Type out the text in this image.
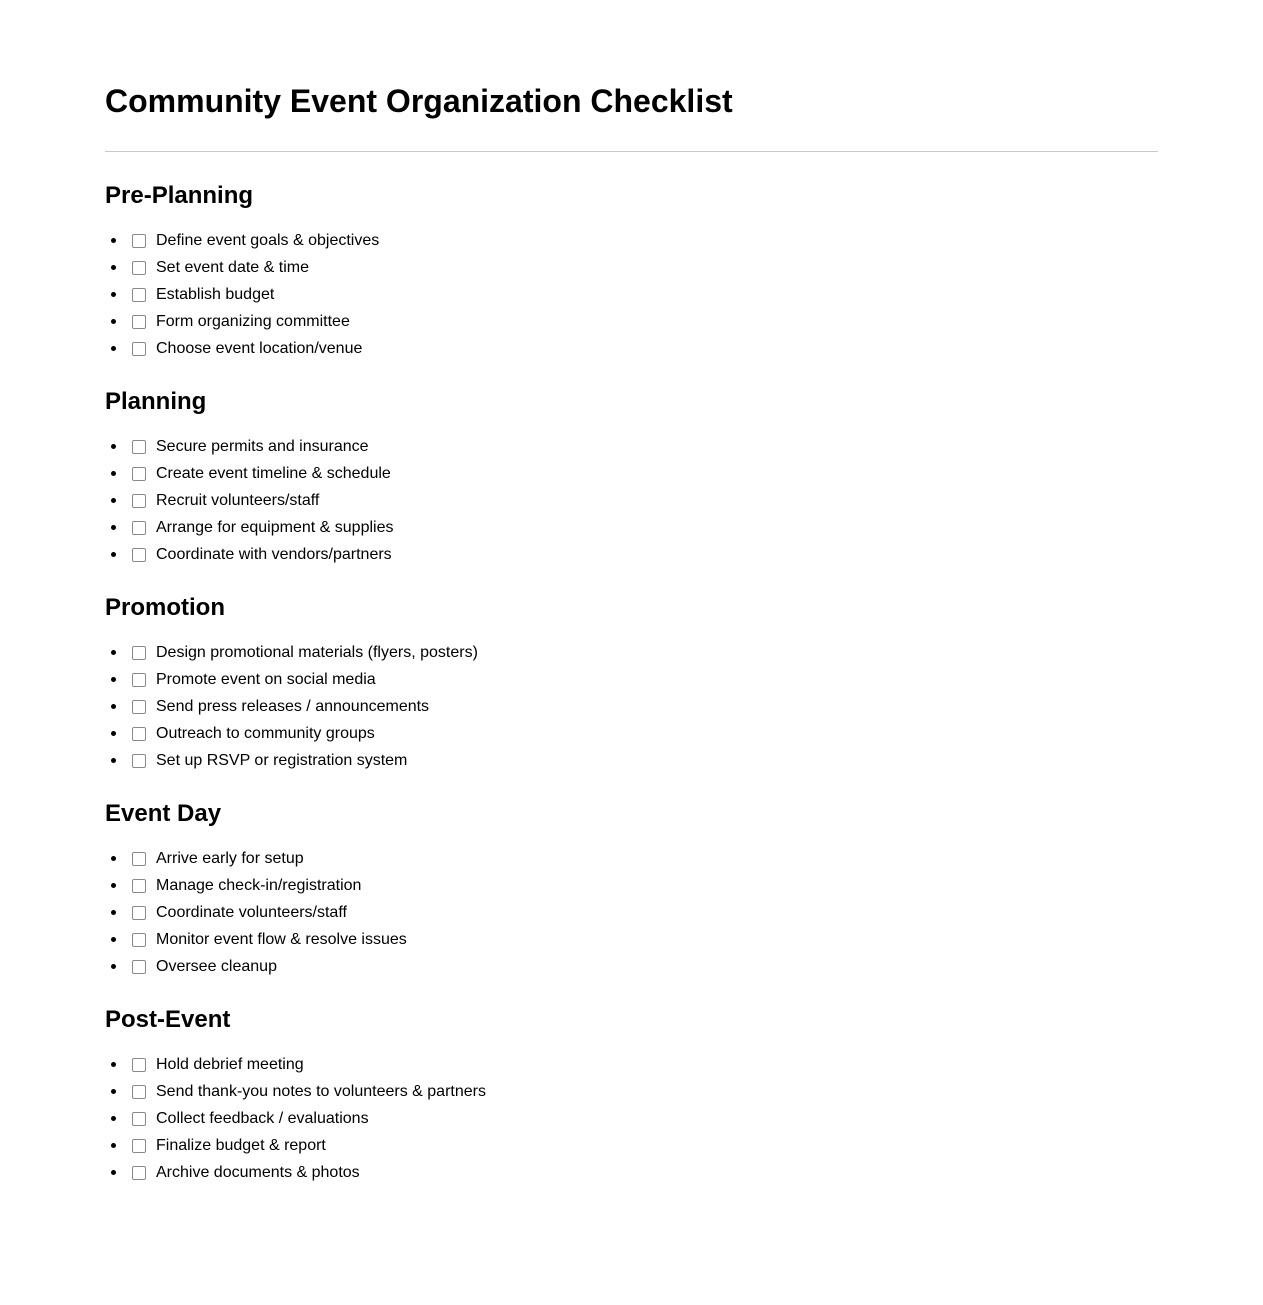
Community Event Organization Checklist
Pre-Planning
Define event goals & objectives
Set event date & time
Establish budget
Form organizing committee
Choose event location/venue
Planning
Secure permits and insurance
Create event timeline & schedule
Recruit volunteers/staff
Arrange for equipment & supplies
Coordinate with vendors/partners
Promotion
Design promotional materials (flyers, posters)
Promote event on social media
Send press releases / announcements
Outreach to community groups
Set up RSVP or registration system
Event Day
Arrive early for setup
Manage check-in/registration
Coordinate volunteers/staff
Monitor event flow & resolve issues
Oversee cleanup
Post-Event
Hold debrief meeting
Send thank-you notes to volunteers & partners
Collect feedback / evaluations
Finalize budget & report
Archive documents & photos
